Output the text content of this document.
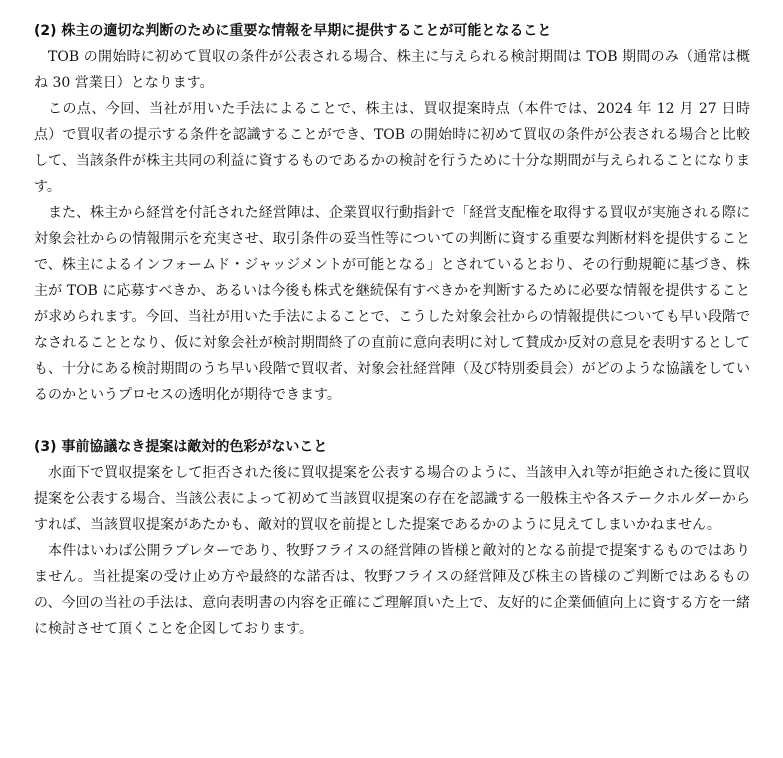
(2) 株主の適切な判断のために重要な情報を早期に提供することが可能となること

TOB の開始時に初めて買収の条件が公表される場合、株主に与えられる検討期間は TOB 期間のみ（通常は概ね 30 営業日）となります。

この点、今回、当社が用いた手法によることで、株主は、買収提案時点（本件では、2024 年 12 月 27 日時点）で買収者の提示する条件を認識することができ、TOB の開始時に初めて買収の条件が公表される場合と比較して、当該条件が株主共同の利益に資するものであるかの検討を行うために十分な期間が与えられることになります。

また、株主から経営を付託された経営陣は、企業買収行動指針で「経営支配権を取得する買収が実施される際に対象会社からの情報開示を充実させ、取引条件の妥当性等についての判断に資する重要な判断材料を提供することで、株主によるインフォームド・ジャッジメントが可能となる」とされているとおり、その行動規範に基づき、株主が TOB に応募すべきか、あるいは今後も株式を継続保有すべきかを判断するために必要な情報を提供することが求められます。今回、当社が用いた手法によることで、こうした対象会社からの情報提供についても早い段階でなされることとなり、仮に対象会社が検討期間終了の直前に意向表明に対して賛成か反対の意見を表明するとしても、十分にある検討期間のうち早い段階で買収者、対象会社経営陣（及び特別委員会）がどのような協議をしているのかというプロセスの透明化が期待できます。

(3) 事前協議なき提案は敵対的色彩がないこと

水面下で買収提案をして拒否された後に買収提案を公表する場合のように、当該申入れ等が拒絶された後に買収提案を公表する場合、当該公表によって初めて当該買収提案の存在を認識する一般株主や各ステークホルダーからすれば、当該買収提案があたかも、敵対的買収を前提とした提案であるかのように見えてしまいかねません。

本件はいわば公開ラブレターであり、牧野フライスの経営陣の皆様と敵対的となる前提で提案するものではありません。当社提案の受け止め方や最終的な諾否は、牧野フライスの経営陣及び株主の皆様のご判断ではあるものの、今回の当社の手法は、意向表明書の内容を正確にご理解頂いた上で、友好的に企業価値向上に資する方を一緒に検討させて頂くことを企図しております。
